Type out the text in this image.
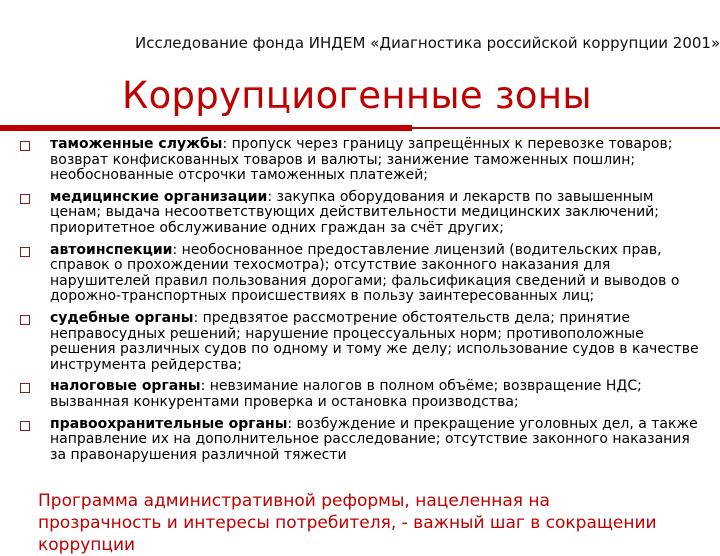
Исследование фонда ИНДЕМ «Диагностика российской коррупции 2001»
Коррупциогенные зоны
таможенные службы: пропуск через границу запрещённых к перевозке товаров; возврат конфискованных товаров и валюты; занижение таможенных пошлин; необоснованные отсрочки таможенных платежей;
медицинские организации: закупка оборудования и лекарств по завышенным ценам; выдача несоответствующих действительности медицинских заключений; приоритетное обслуживание одних граждан за счёт других;
автоинспекции: необоснованное предоставление лицензий (водительских прав, справок о прохождении техосмотра); отсутствие законного наказания для нарушителей правил пользования дорогами; фальсификация сведений и выводов о дорожно-транспортных происшествиях в пользу заинтересованных лиц;
судебные органы: предвзятое рассмотрение обстоятельств дела; принятие неправосудных решений; нарушение процессуальных норм; противоположные решения различных судов по одному и тому же делу; использование судов в качестве инструмента рейдерства;
налоговые органы: невзимание налогов в полном объёме; возвращение НДС; вызванная конкурентами проверка и остановка производства;
правоохранительные органы: возбуждение и прекращение уголовных дел, а также направление их на дополнительное расследование; отсутствие законного наказания за правонарушения различной тяжести
Программа административной реформы, нацеленная на прозрачность и интересы потребителя, - важный шаг в сокращении коррупции
